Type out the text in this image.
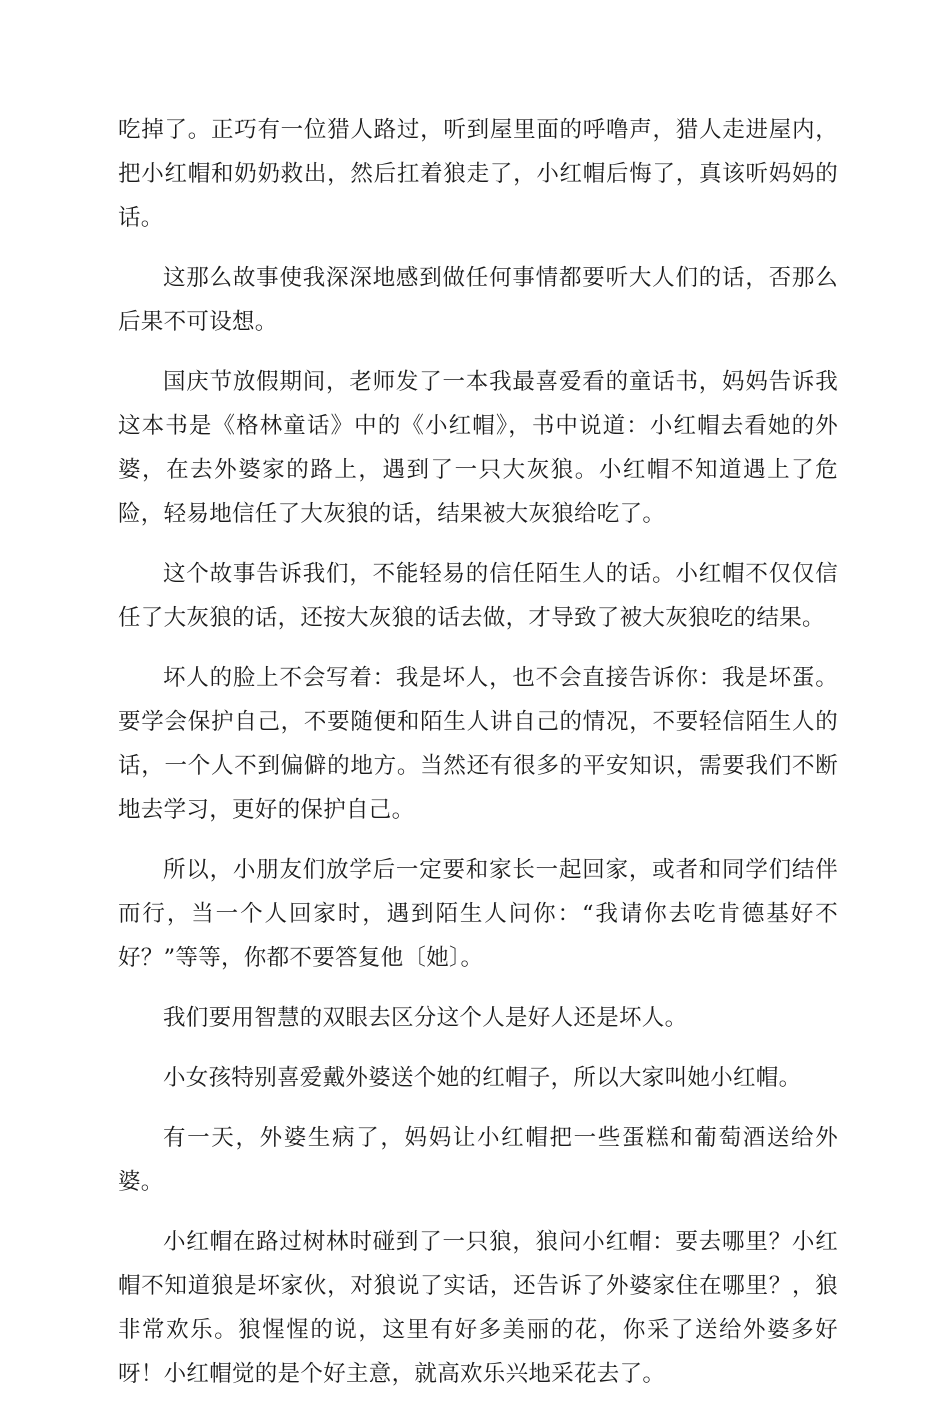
吃掉了。正巧有一位猎人路过，听到屋里面的呼噜声，猎人走进屋内，把小红帽和奶奶救出，然后扛着狼走了，小红帽后悔了，真该听妈妈的话。

这那么故事使我深深地感到做任何事情都要听大人们的话，否那么后果不可设想。

国庆节放假期间，老师发了一本我最喜爱看的童话书，妈妈告诉我这本书是《格林童话》中的《小红帽》，书中说道：小红帽去看她的外婆，在去外婆家的路上，遇到了一只大灰狼。小红帽不知道遇上了危险，轻易地信任了大灰狼的话，结果被大灰狼给吃了。

这个故事告诉我们，不能轻易的信任陌生人的话。小红帽不仅仅信任了大灰狼的话，还按大灰狼的话去做，才导致了被大灰狼吃的结果。

坏人的脸上不会写着：我是坏人，也不会直接告诉你：我是坏蛋。要学会保护自己，不要随便和陌生人讲自己的情况，不要轻信陌生人的话，一个人不到偏僻的地方。当然还有很多的平安知识，需要我们不断地去学习，更好的保护自己。

所以，小朋友们放学后一定要和家长一起回家，或者和同学们结伴而行，当一个人回家时，遇到陌生人问你：“我请你去吃肯德基好不好？”等等，你都不要答复他〔她〕。

我们要用智慧的双眼去区分这个人是好人还是坏人。

小女孩特别喜爱戴外婆送个她的红帽子，所以大家叫她小红帽。

有一天，外婆生病了，妈妈让小红帽把一些蛋糕和葡萄酒送给外婆。

小红帽在路过树林时碰到了一只狼，狼问小红帽：要去哪里？小红帽不知道狼是坏家伙，对狼说了实话，还告诉了外婆家住在哪里？，狼非常欢乐。狼惺惺的说，这里有好多美丽的花，你采了送给外婆多好呀！小红帽觉的是个好主意，就高欢乐兴地采花去了。
